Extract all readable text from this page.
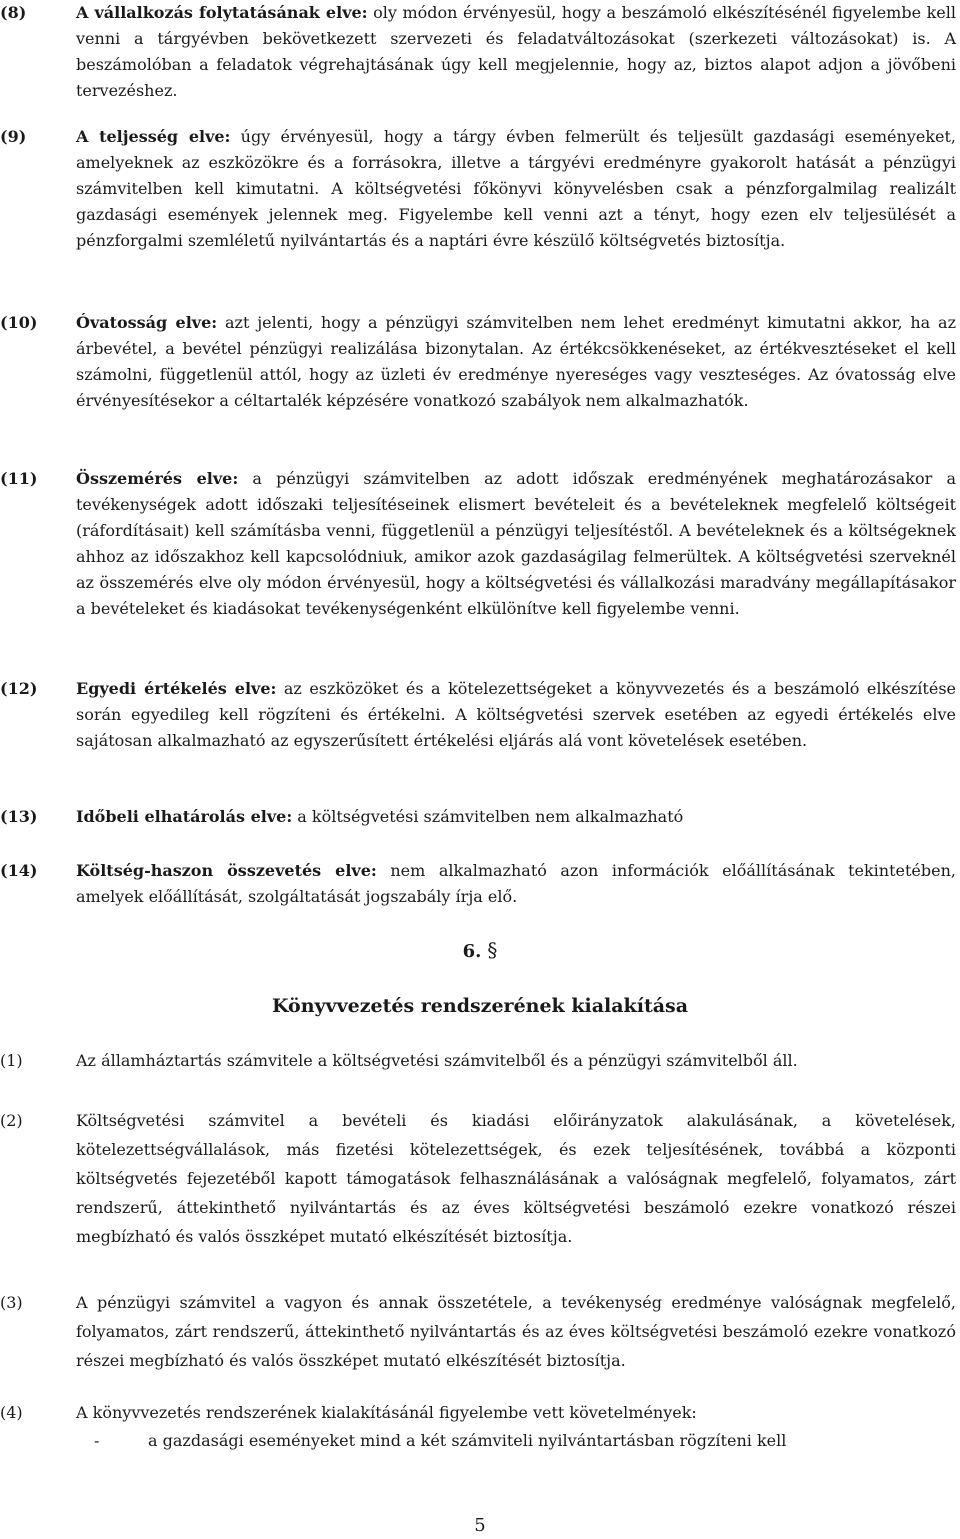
(8)	A vállalkozás folytatásának elve: oly módon érvényesül, hogy a beszámoló elkészítésénél figyelembe kell venni a tárgyévben bekövetkezett szervezeti és feladatváltozásokat (szerkezeti változásokat) is. A beszámolóban a feladatok végrehajtásának úgy kell megjelennie, hogy az, biztos alapot adjon a jövőbeni tervezéshez.
(9)	A teljesség elve: úgy érvényesül, hogy a tárgy évben felmerült és teljesült gazdasági eseményeket, amelyeknek az eszközökre és a forrásokra, illetve a tárgyévi eredményre gyakorolt hatását a pénzügyi számvitelben kell kimutatni. A költségvetési főkönyvi könyvelésben csak a pénzforgalmilag realizált gazdasági események jelennek meg. Figyelembe kell venni azt a tényt, hogy ezen elv teljesülését a pénzforgalmi szemléletű nyilvántartás és a naptári évre készülő költségvetés biztosítja.
(10) Óvatosság elve: azt jelenti, hogy a pénzügyi számvitelben nem lehet eredményt kimutatni akkor, ha az árbevétel, a bevétel pénzügyi realizálása bizonytalan. Az értékcsökkenéseket, az értékvesztéseket el kell számolni, függetlenül attól, hogy az üzleti év eredménye nyereséges vagy veszteséges. Az óvatosság elve érvényesítésekor a céltartalék képzésére vonatkozó szabályok nem alkalmazhatók.
(11) Összemérés elve: a pénzügyi számvitelben az adott időszak eredményének meghatározásakor a tevékenységek adott időszaki teljesítéseinek elismert bevételeit és a bevételeknek megfelelő költségeit (ráfordításait) kell számításba venni, függetlenül a pénzügyi teljesítéstől. A bevételeknek és a költségeknek ahhoz az időszakhoz kell kapcsolódniuk, amikor azok gazdaságilag felmerültek. A költségvetési szerveknél az összemérés elve oly módon érvényesül, hogy a költségvetési és vállalkozási maradvány megállapításakor a bevételeket és kiadásokat tevékenységenként elkülönítve kell figyelembe venni.
(12) Egyedi értékelés elve: az eszközöket és a kötelezettségeket a könyvvezetés és a beszámoló elkészítése során egyedileg kell rögzíteni és értékelni. A költségvetési szervek esetében az egyedi értékelés elve sajátosan alkalmazható az egyszerűsített értékelési eljárás alá vont követelések esetében.
(13) Időbeli elhatárolás elve: a költségvetési számvitelben nem alkalmazható
(14) Költség-haszon összevetés elve: nem alkalmazható azon információk előállításának tekintetében, amelyek előállítását, szolgáltatását jogszabály írja elő.
6. §
Könyvvezetés rendszerének kialakítása
(1)	Az államháztartás számvitele a költségvetési számvitelből és a pénzügyi számvitelből áll.
(2)	Költségvetési számvitel a bevételi és kiadási előirányzatok alakulásának, a követelések, kötelezettségvállalások, más fizetési kötelezettségek, és ezek teljesítésének, továbbá a központi költségvetés fejezetéből kapott támogatások felhasználásának a valóságnak megfelelő, folyamatos, zárt rendszerű, áttekinthető nyilvántartás és az éves költségvetési beszámoló ezekre vonatkozó részei megbízható és valós összképet mutató elkészítését biztosítja.
(3)	A pénzügyi számvitel a vagyon és annak összetétele, a tevékenység eredménye valóságnak megfelelő, folyamatos, zárt rendszerű, áttekinthető nyilvántartás és az éves költségvetési beszámoló ezekre vonatkozó részei megbízható és valós összképet mutató elkészítését biztosítja.
(4)	A könyvvezetés rendszerének kialakításánál figyelembe vett követelmények:
-	a gazdasági eseményeket mind a két számviteli nyilvántartásban rögzíteni kell
5
